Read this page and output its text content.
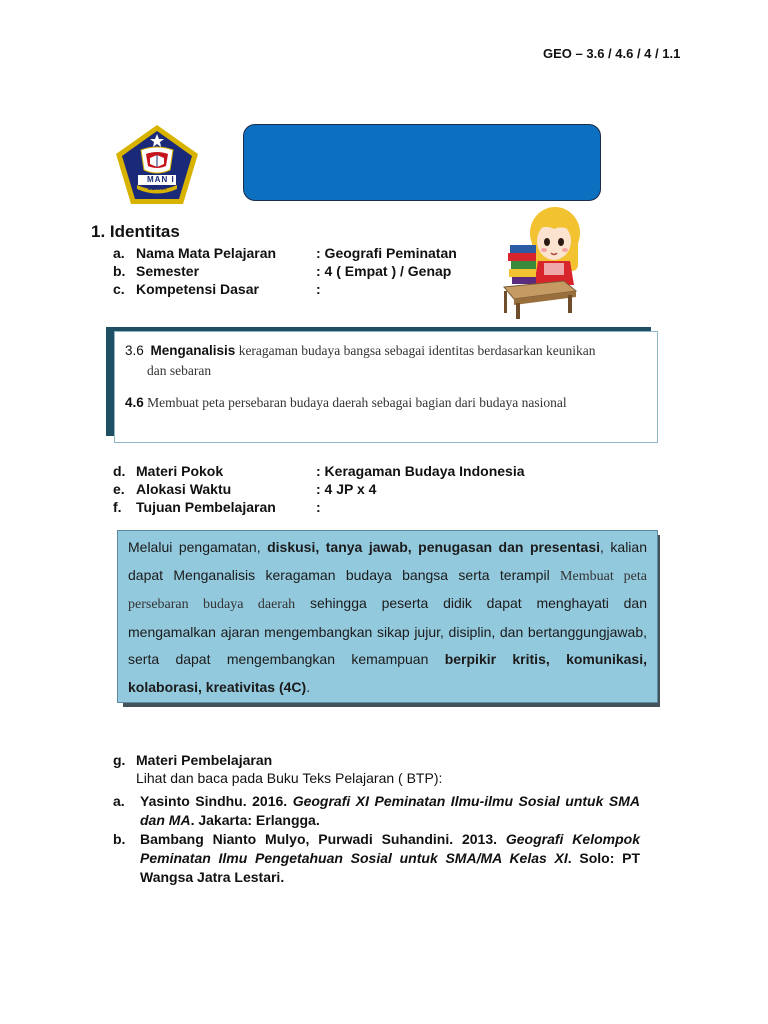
GEO – 3.6 / 4.6 / 4 / 1.1
MAN I
BLITAR
1. Identitas
a. Nama Mata Pelajaran	: Geografi Peminatan
b. Semester	: 4 ( Empat ) / Genap
c. Kompetensi Dasar	:
3.6 Menganalisis keragaman budaya bangsa sebagai identitas berdasarkan keunikan
dan sebaran
4.6 Membuat peta persebaran budaya daerah sebagai bagian dari budaya nasional
d. Materi Pokok	: Keragaman Budaya Indonesia
e. Alokasi Waktu	: 4 JP x 4
f. Tujuan Pembelajaran	:
Melalui pengamatan, diskusi, tanya jawab, penugasan dan presentasi, kalian dapat Menganalisis keragaman budaya bangsa serta terampil Membuat peta persebaran budaya daerah sehingga peserta didik dapat menghayati dan mengamalkan ajaran mengembangkan sikap jujur, disiplin, dan bertanggungjawab, serta dapat mengembangkan kemampuan berpikir kritis, komunikasi, kolaborasi, kreativitas (4C).
g. Materi Pembelajaran
Lihat dan baca pada Buku Teks Pelajaran ( BTP):
a. Yasinto Sindhu. 2016. Geografi XI Peminatan Ilmu-ilmu Sosial untuk SMA dan MA. Jakarta: Erlangga.
b. Bambang Nianto Mulyo, Purwadi Suhandini. 2013. Geografi Kelompok Peminatan Ilmu Pengetahuan Sosial untuk SMA/MA Kelas XI. Solo: PT Wangsa Jatra Lestari.
